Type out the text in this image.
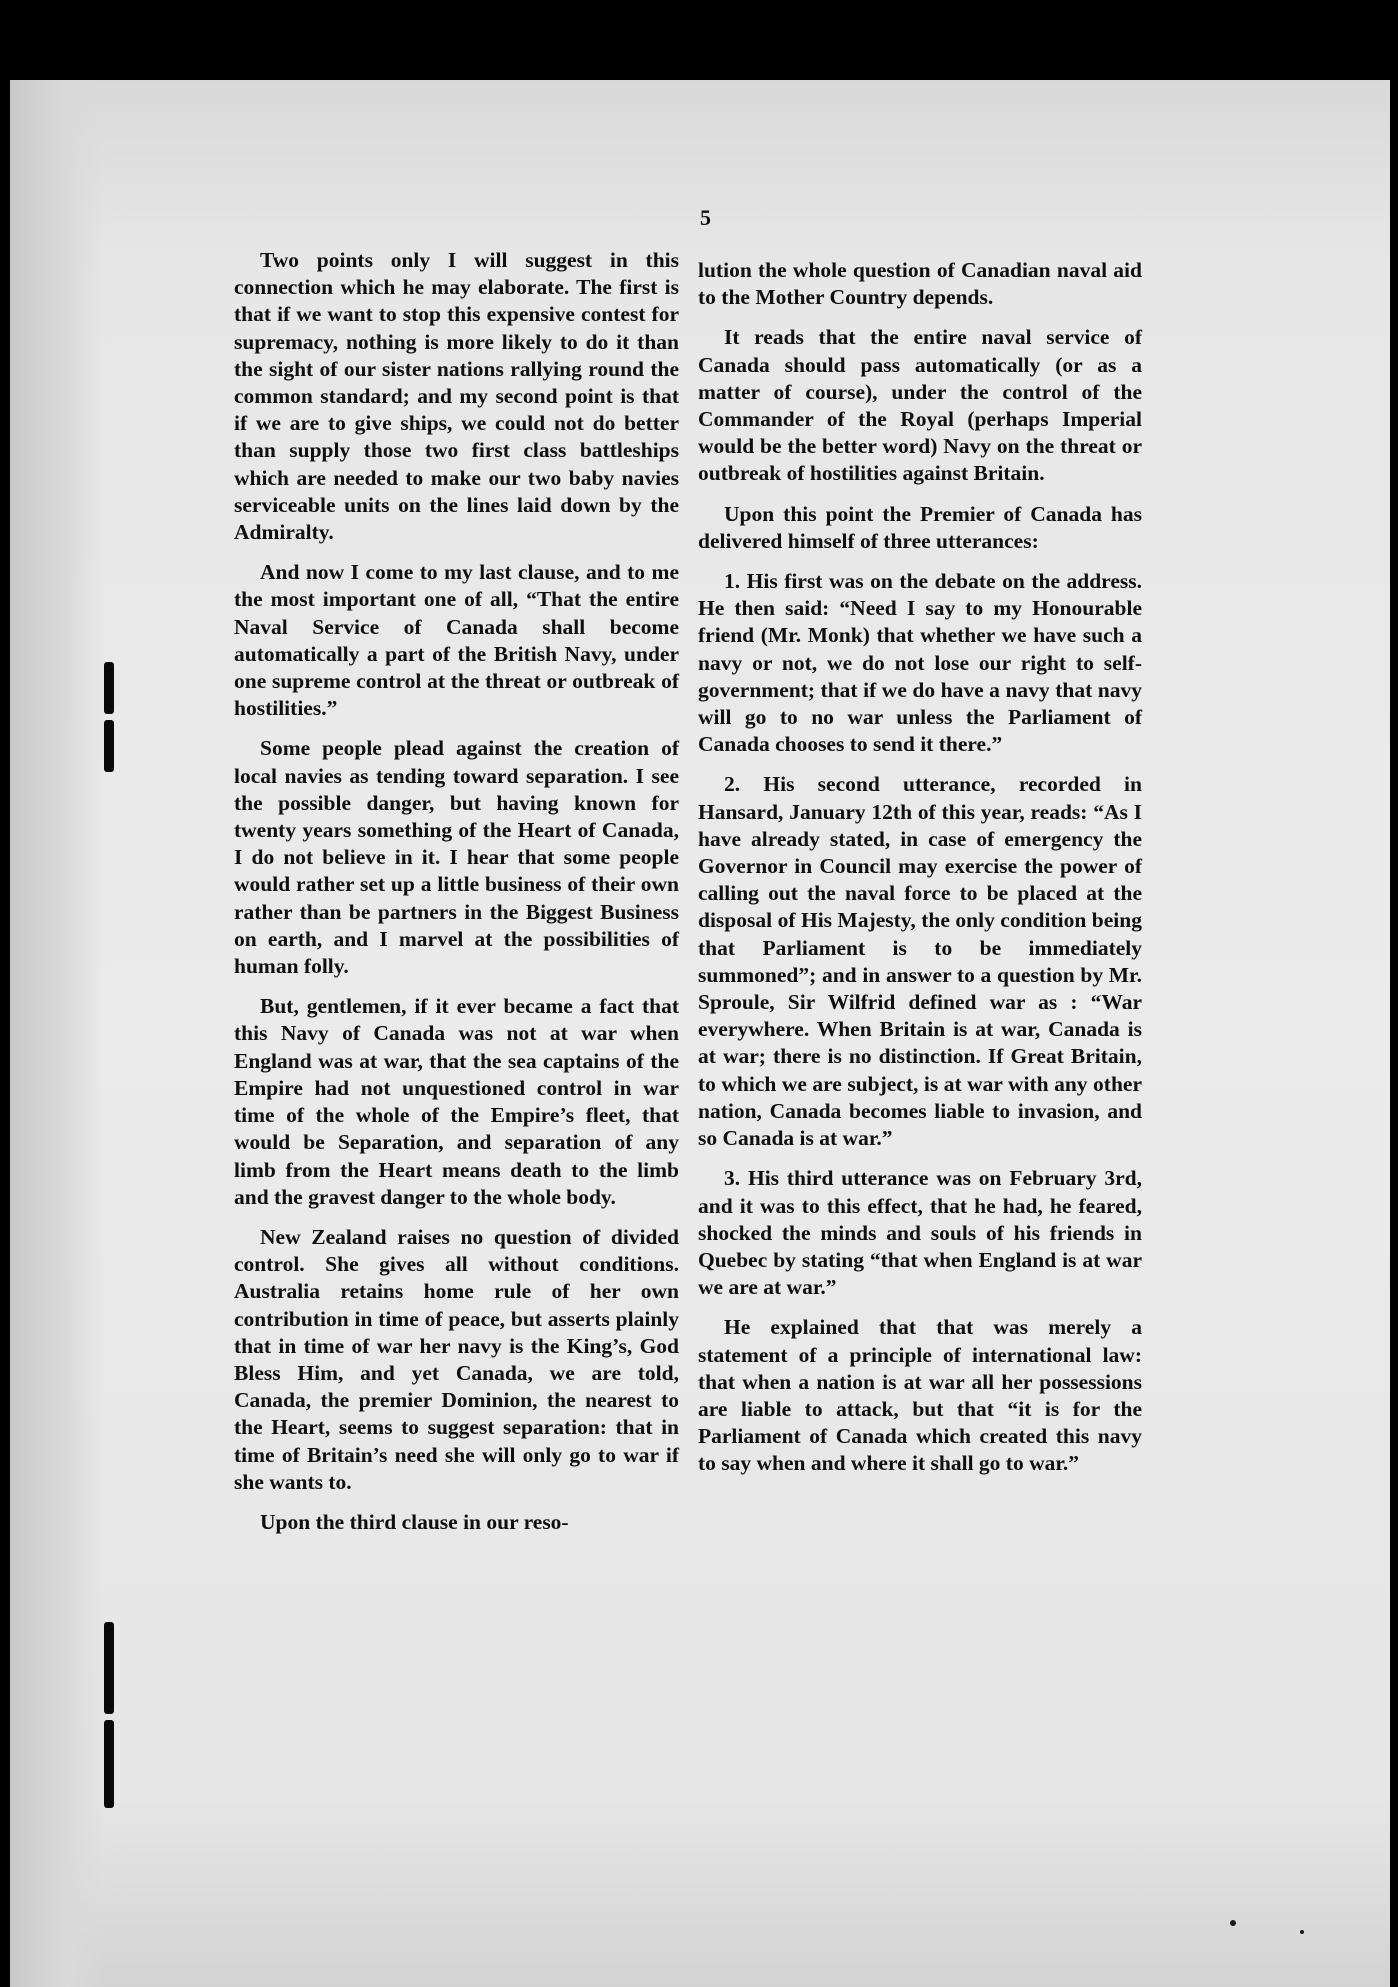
5

Two points only I will suggest in this connection which he may elaborate. The first is that if we want to stop this expensive contest for supremacy, nothing is more likely to do it than the sight of our sister nations rallying round the common standard; and my second point is that if we are to give ships, we could not do better than supply those two first class battleships which are needed to make our two baby navies serviceable units on the lines laid down by the Admiralty.

And now I come to my last clause, and to me the most important one of all, “That the entire Naval Service of Canada shall become automatically a part of the British Navy, under one supreme control at the threat or outbreak of hostilities.”

Some people plead against the creation of local navies as tending toward separation. I see the possible danger, but having known for twenty years something of the Heart of Canada, I do not believe in it. I hear that some people would rather set up a little business of their own rather than be partners in the Biggest Business on earth, and I marvel at the possibilities of human folly.

But, gentlemen, if it ever became a fact that this Navy of Canada was not at war when England was at war, that the sea captains of the Empire had not unquestioned control in war time of the whole of the Empire’s fleet, that would be Separation, and separation of any limb from the Heart means death to the limb and the gravest danger to the whole body.

New Zealand raises no question of divided control. She gives all without conditions. Australia retains home rule of her own contribution in time of peace, but asserts plainly that in time of war her navy is the King’s, God Bless Him, and yet Canada, we are told, Canada, the premier Dominion, the nearest to the Heart, seems to suggest separation: that in time of Britain’s need she will only go to war if she wants to.

Upon the third clause in our reso-

lution the whole question of Canadian naval aid to the Mother Country depends.

It reads that the entire naval service of Canada should pass automatically (or as a matter of course), under the control of the Commander of the Royal (perhaps Imperial would be the better word) Navy on the threat or outbreak of hostilities against Britain.

Upon this point the Premier of Canada has delivered himself of three utterances:

1. His first was on the debate on the address. He then said: “Need I say to my Honourable friend (Mr. Monk) that whether we have such a navy or not, we do not lose our right to self-government; that if we do have a navy that navy will go to no war unless the Parliament of Canada chooses to send it there.”

2. His second utterance, recorded in Hansard, January 12th of this year, reads: “As I have already stated, in case of emergency the Governor in Council may exercise the power of calling out the naval force to be placed at the disposal of His Majesty, the only condition being that Parliament is to be immediately summoned”; and in answer to a question by Mr. Sproule, Sir Wilfrid defined war as : “War everywhere. When Britain is at war, Canada is at war; there is no distinction. If Great Britain, to which we are subject, is at war with any other nation, Canada becomes liable to invasion, and so Canada is at war.”

3. His third utterance was on February 3rd, and it was to this effect, that he had, he feared, shocked the minds and souls of his friends in Quebec by stating “that when England is at war we are at war.”

He explained that that was merely a statement of a principle of international law: that when a nation is at war all her possessions are liable to attack, but that “it is for the Parliament of Canada which created this navy to say when and where it shall go to war.”
